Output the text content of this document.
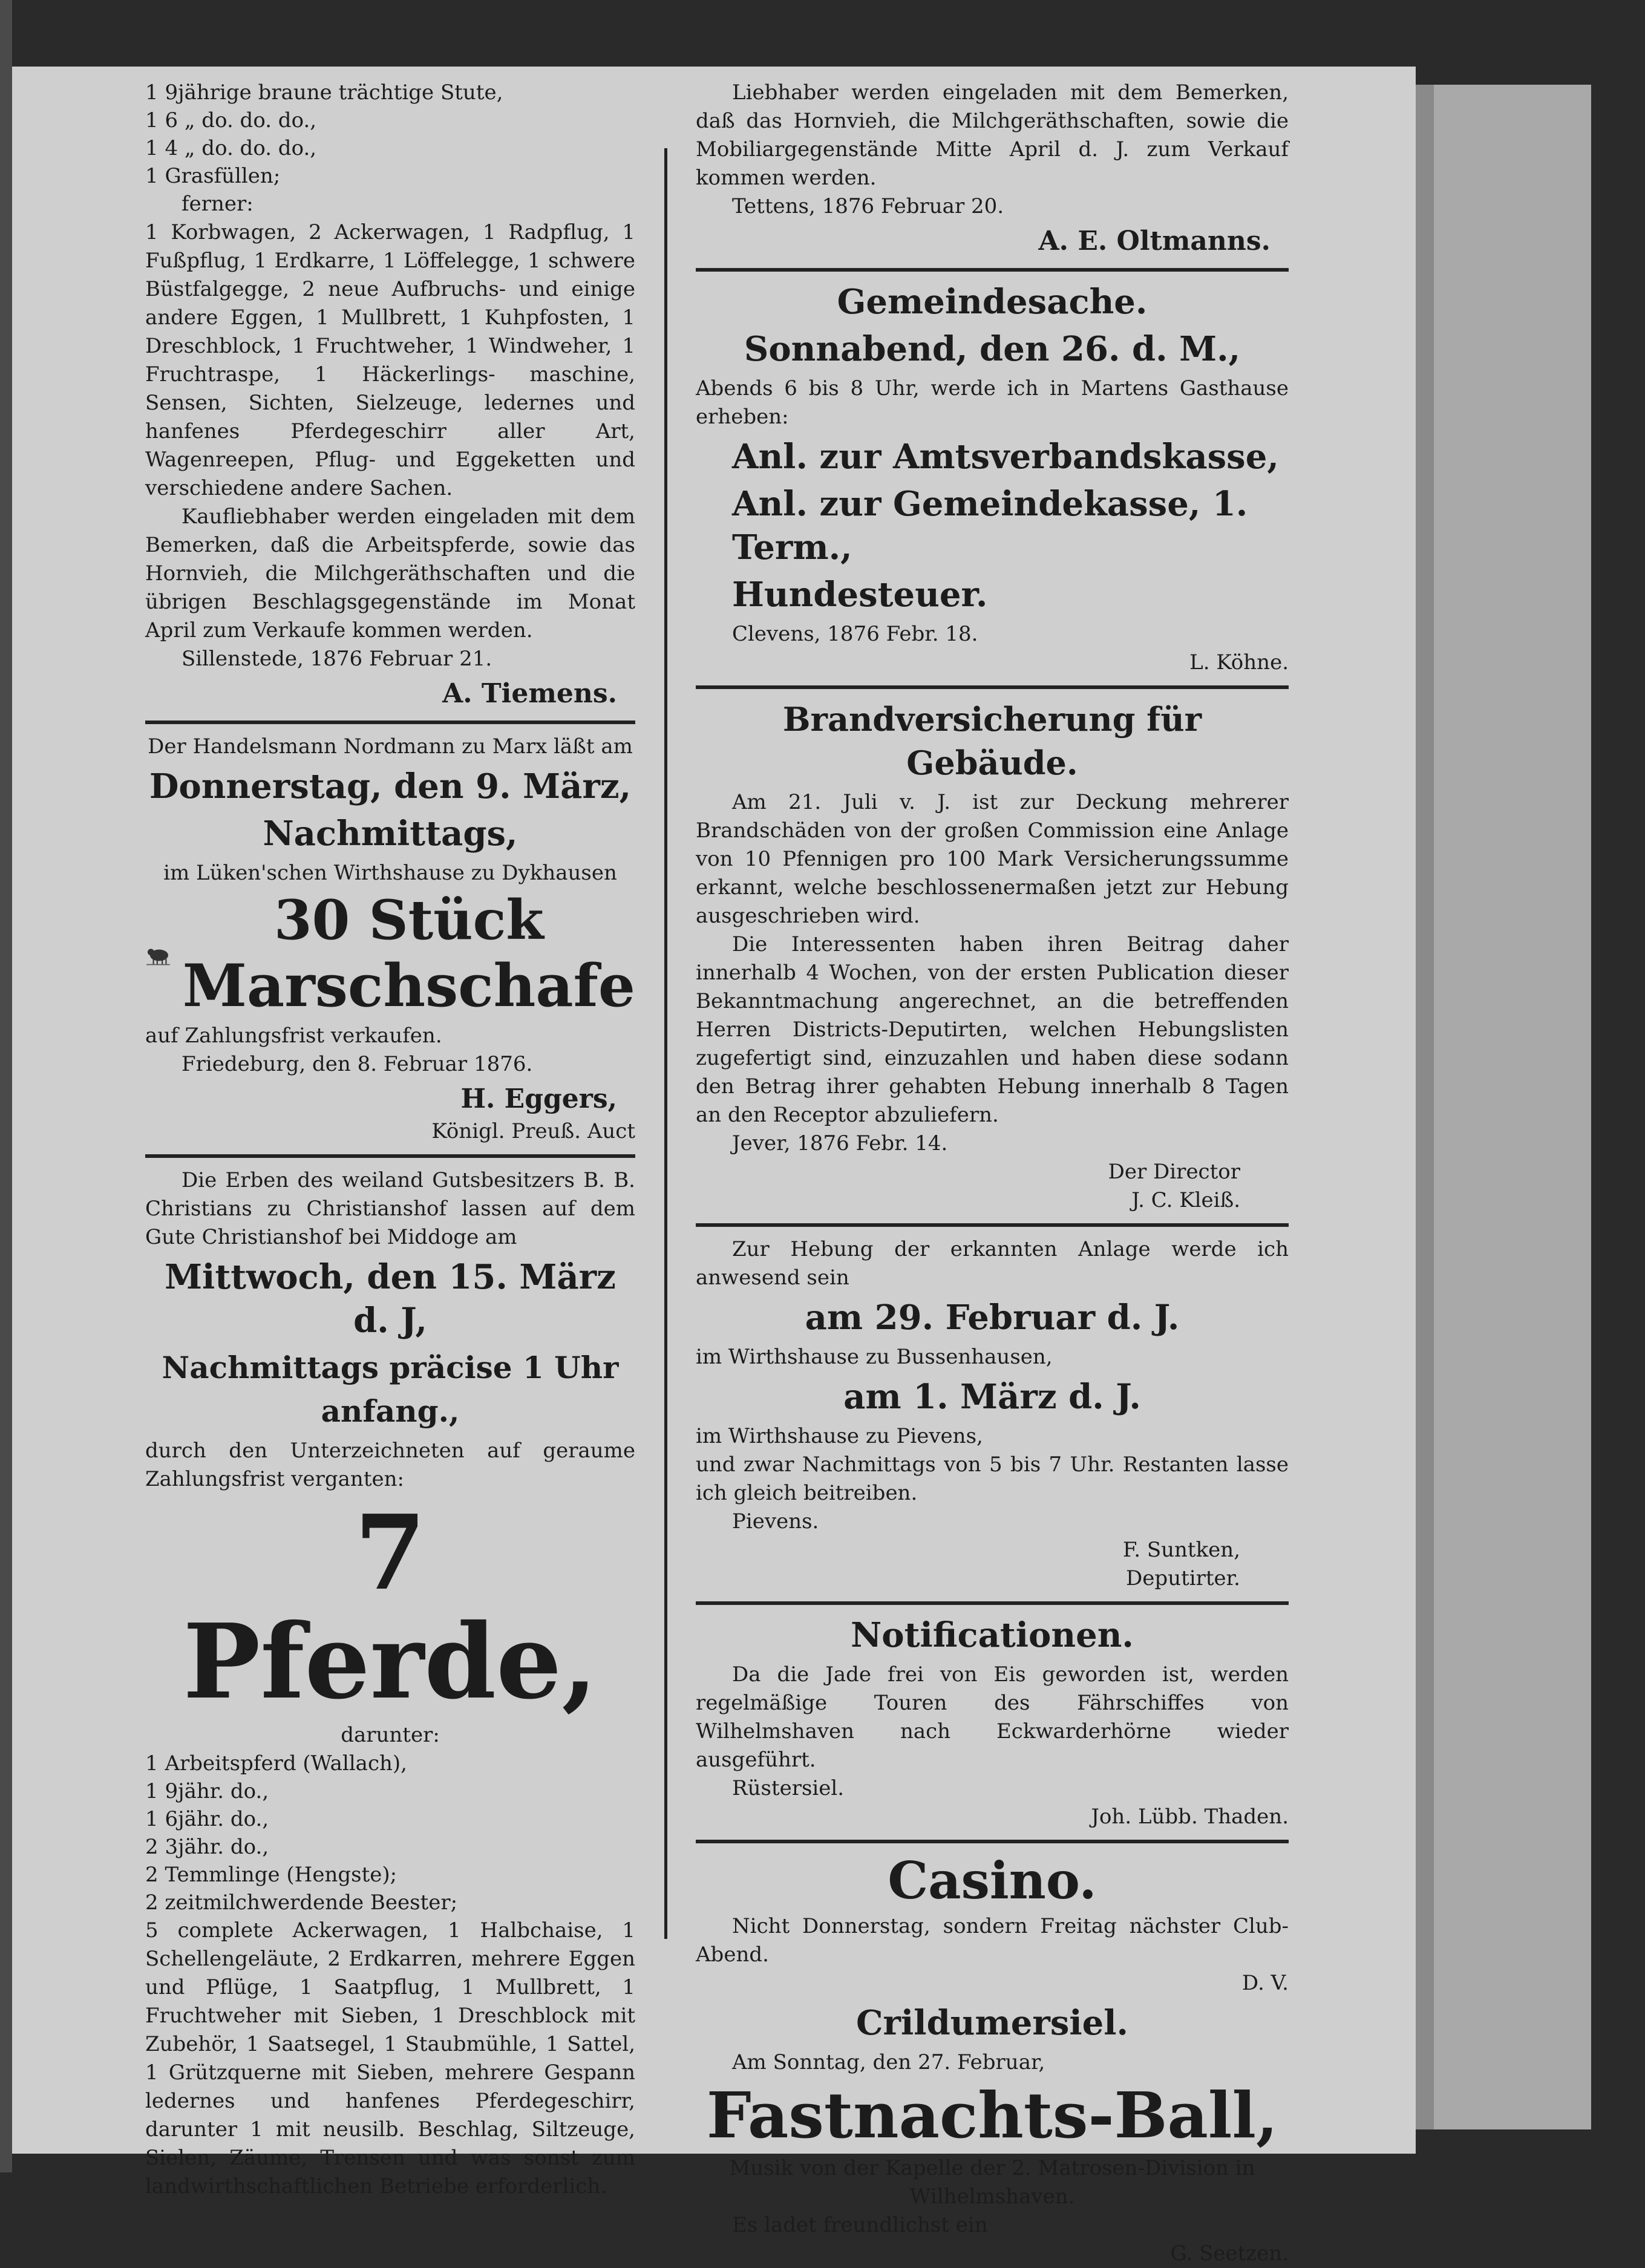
1 9jährige braune trächtige Stute,
1 6 „ do. do. do.,
1 4 „ do. do. do.,
1 Grasfüllen;

ferner:

1 Korbwagen, 2 Ackerwagen, 1 Radpflug, 1 Fußpflug, 1 Erdkarre, 1 Löffelegge, 1 schwere Büstfalgegge, 2 neue Aufbruchs- und einige andere Eggen, 1 Mullbrett, 1 Kuhpfosten, 1 Dreschblock, 1 Fruchtweher, 1 Windweher, 1 Fruchtraspe, 1 Häckerlings- maschine, Sensen, Sichten, Sielzeuge, ledernes und hanfenes Pferdegeschirr aller Art, Wagenreepen, Pflug- und Eggeketten und verschiedene andere Sachen.

Kaufliebhaber werden eingeladen mit dem Bemerken, daß die Arbeitspferde, sowie das Hornvieh, die Milchgeräthschaften und die übrigen Beschlagsgegenstände im Monat April zum Verkaufe kommen werden.

Sillenstede, 1876 Februar 21.

A. Tiemens.

Der Handelsmann Nordmann zu Marx läßt am

Donnerstag, den 9. März,
Nachmittags,

im Lüken'schen Wirthshause zu Dykhausen

30 Stück
Marschschafe

auf Zahlungsfrist verkaufen.

Friedeburg, den 8. Februar 1876.

H. Eggers,

Königl. Preuß. Auct

Die Erben des weiland Gutsbesitzers B. B. Christians zu Christianshof lassen auf dem Gute Christianshof bei Middoge am

Mittwoch, den 15. März d. J,
Nachmittags präcise 1 Uhr anfang.,

durch den Unterzeichneten auf geraume Zahlungsfrist verganten:

7 Pferde,

darunter:

1 Arbeitspferd (Wallach),
1 9jähr. do.,
1 6jähr. do.,
2 3jähr. do.,
2 Temmlinge (Hengste);
2 zeitmilchwerdende Beester;

5 complete Ackerwagen, 1 Halbchaise, 1 Schellengeläute, 2 Erdkarren, mehrere Eggen und Pflüge, 1 Saatpflug, 1 Mullbrett, 1 Fruchtweher mit Sieben, 1 Dreschblock mit Zubehör, 1 Saatsegel, 1 Staubmühle, 1 Sattel, 1 Grützquerne mit Sieben, mehrere Gespann ledernes und hanfenes Pferdegeschirr, darunter 1 mit neusilb. Beschlag, Siltzeuge, Sielen, Zäume, Trensen und was sonst zum landwirthschaftlichen Betriebe erforderlich.

Liebhaber werden eingeladen mit dem Bemerken, daß das Hornvieh, die Milchgeräthschaften, sowie die Mobiliargegenstände Mitte April d. J. zum Verkauf kommen werden.

Tettens, 1876 Februar 20.

A. E. Oltmanns.
Gemeindesache.
Sonnabend, den 26. d. M.,

Abends 6 bis 8 Uhr, werde ich in Martens Gasthause erheben:

Anl. zur Amtsverbandskasse,
Anl. zur Gemeindekasse, 1. Term.,
Hundesteuer.

Clevens, 1876 Febr. 18.

L. Köhne.

Brandversicherung für Gebäude.

Am 21. Juli v. J. ist zur Deckung mehrerer Brandschäden von der großen Commission eine Anlage von 10 Pfennigen pro 100 Mark Versicherungssumme erkannt, welche beschlossenermaßen jetzt zur Hebung ausgeschrieben wird.

Die Interessenten haben ihren Beitrag daher innerhalb 4 Wochen, von der ersten Publication dieser Bekanntmachung angerechnet, an die betreffenden Herren Districts-Deputirten, welchen Hebungslisten zugefertigt sind, einzuzahlen und haben diese sodann den Betrag ihrer gehabten Hebung innerhalb 8 Tagen an den Receptor abzuliefern.

Jever, 1876 Febr. 14.

Der Director

J. C. Kleiß.

Zur Hebung der erkannten Anlage werde ich anwesend sein

am 29. Februar d. J.

im Wirthshause zu Bussenhausen,

am 1. März d. J.

im Wirthshause zu Pievens,

und zwar Nachmittags von 5 bis 7 Uhr. Restanten lasse ich gleich beitreiben.

Pievens.

F. Suntken,

Deputirter.

Notificationen.

Da die Jade frei von Eis geworden ist, werden regelmäßige Touren des Fährschiffes von Wilhelmshaven nach Eckwarderhörne wieder ausgeführt.

Rüstersiel.

Joh. Lübb. Thaden.

Casino.

Nicht Donnerstag, sondern Freitag nächster Club-Abend.

D. V.

Crildumersiel.

Am Sonntag, den 27. Februar,

Fastnachts-Ball,

Musik von der Kapelle der 2. Matrosen-Division in Wilhelmshaven.

Es ladet freundlichst ein

G. Seetzen.
